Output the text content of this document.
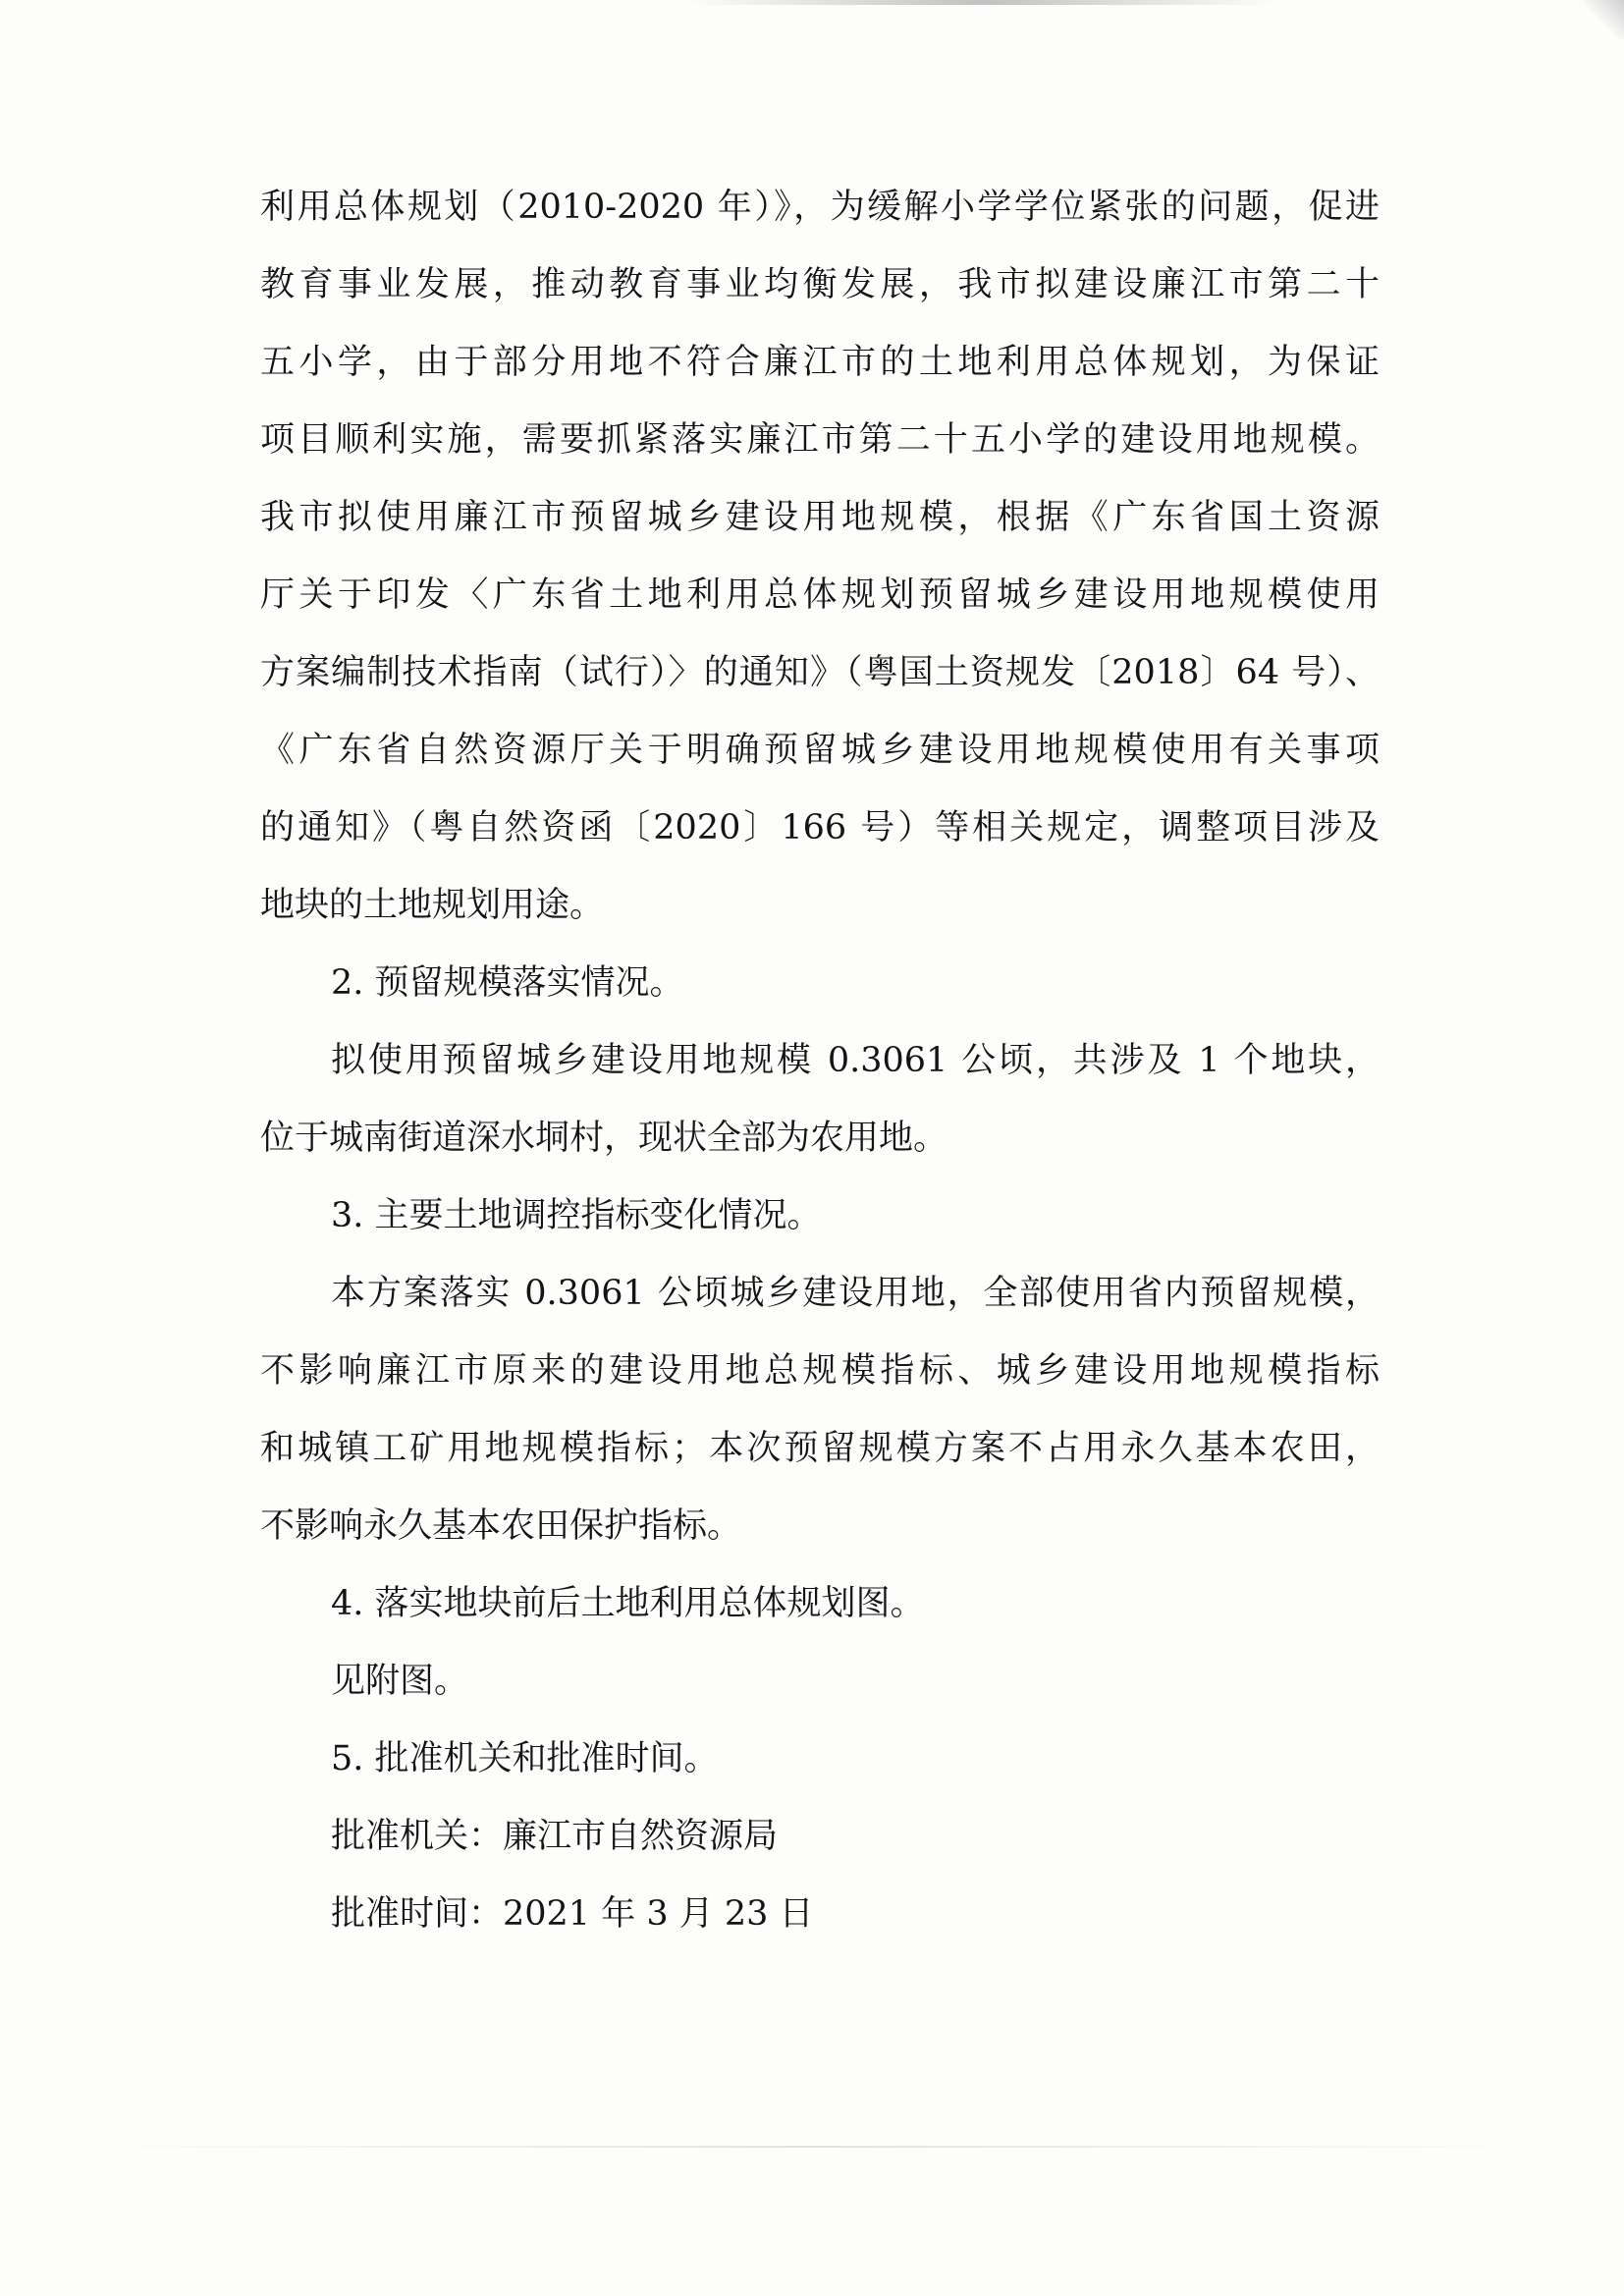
利用总体规划（2010-2020 年）》，为缓解小学学位紧张的问题，促进
教育事业发展，推动教育事业均衡发展，我市拟建设廉江市第二十
五小学，由于部分用地不符合廉江市的土地利用总体规划，为保证
项目顺利实施，需要抓紧落实廉江市第二十五小学的建设用地规模。
我市拟使用廉江市预留城乡建设用地规模，根据《广东省国土资源
厅关于印发〈广东省土地利用总体规划预留城乡建设用地规模使用
方案编制技术指南（试行）〉的通知》（粤国土资规发〔2018〕64 号）、
《广东省自然资源厅关于明确预留城乡建设用地规模使用有关事项
的通知》（粤自然资函〔2020〕166 号）等相关规定，调整项目涉及
地块的土地规划用途。
2. 预留规模落实情况。
拟使用预留城乡建设用地规模 0.3061 公顷，共涉及 1 个地块，
位于城南街道深水垌村，现状全部为农用地。
3. 主要土地调控指标变化情况。
本方案落实 0.3061 公顷城乡建设用地，全部使用省内预留规模，
不影响廉江市原来的建设用地总规模指标、城乡建设用地规模指标
和城镇工矿用地规模指标；本次预留规模方案不占用永久基本农田，
不影响永久基本农田保护指标。
4. 落实地块前后土地利用总体规划图。
见附图。
5. 批准机关和批准时间。
批准机关：廉江市自然资源局
批准时间：2021 年 3 月 23 日
